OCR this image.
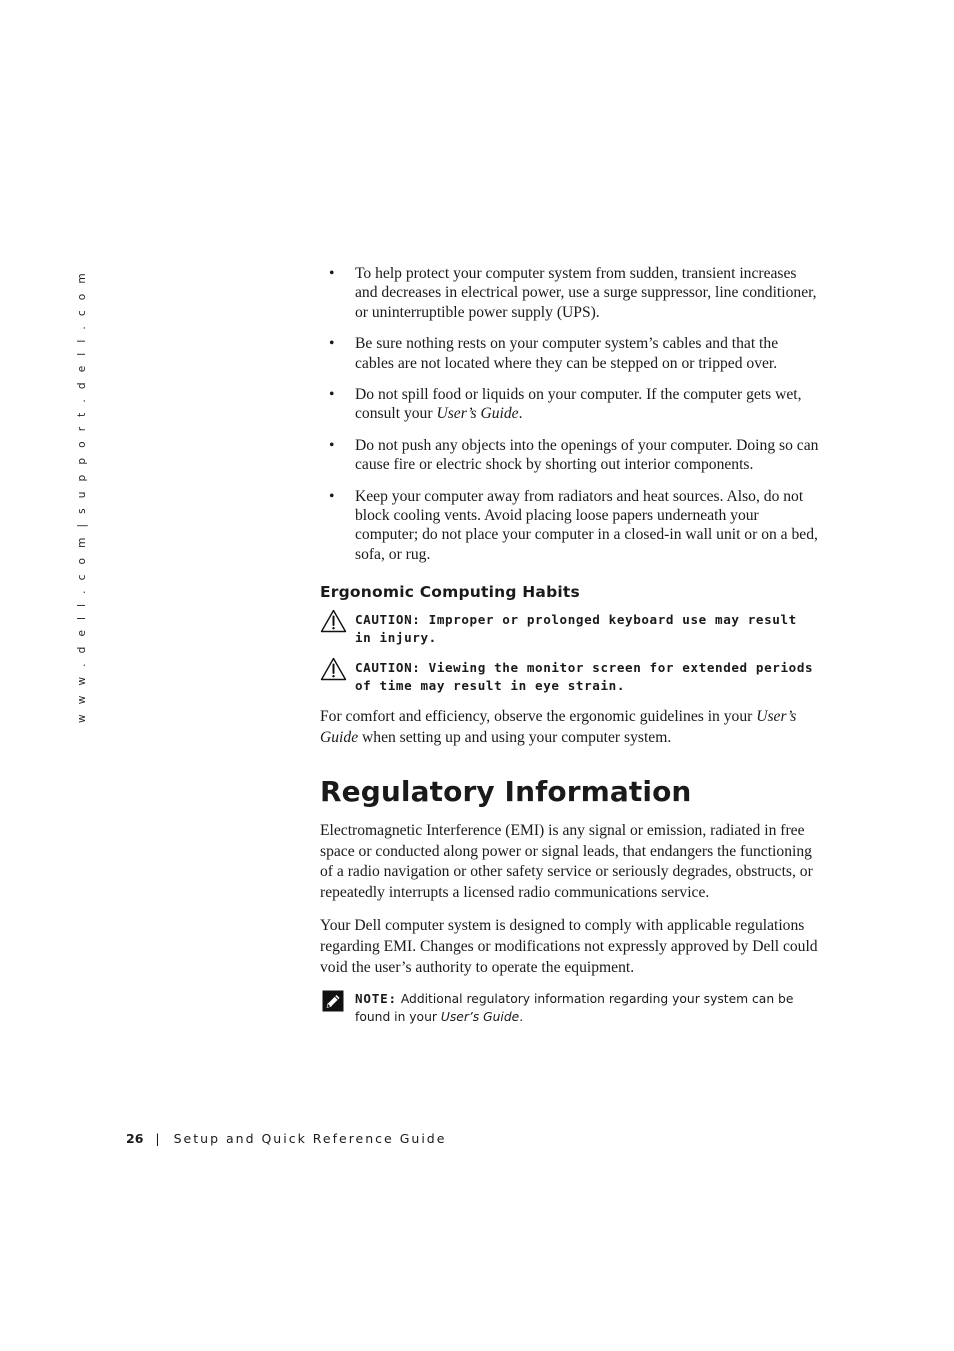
w w w . d e l l . c o m | s u p p o r t . d e l l . c o m	• To help protect your computer system from sudden, transient increases and decreases in electrical power, use a surge suppressor, line conditioner, or uninterruptible power supply (UPS).
• Be sure nothing rests on your computer system’s cables and that the cables are not located where they can be stepped on or tripped over.
• Do not spill food or liquids on your computer. If the computer gets wet, consult your User’s Guide.
• Do not push any objects into the openings of your computer. Doing so can cause fire or electric shock by shorting out interior components.
• Keep your computer away from radiators and heat sources. Also, do not block cooling vents. Avoid placing loose papers underneath your computer; do not place your computer in a closed-in wall unit or on a bed, sofa, or rug.
Ergonomic Computing Habits
CAUTION: Improper or prolonged keyboard use may result in injury.
CAUTION: Viewing the monitor screen for extended periods of time may result in eye strain.

For comfort and efficiency, observe the ergonomic guidelines in your User’s Guide when setting up and using your computer system.

Regulatory Information

Electromagnetic Interference (EMI) is any signal or emission, radiated in free space or conducted along power or signal leads, that endangers the functioning of a radio navigation or other safety service or seriously degrades, obstructs, or repeatedly interrupts a licensed radio communications service.

Your Dell computer system is designed to comply with applicable regulations regarding EMI. Changes or modifications not expressly approved by Dell could void the user’s authority to operate the equipment.

NOTE: Additional regulatory information regarding your system can be found in your User’s Guide.
26 | Setup and Quick Reference Guide
